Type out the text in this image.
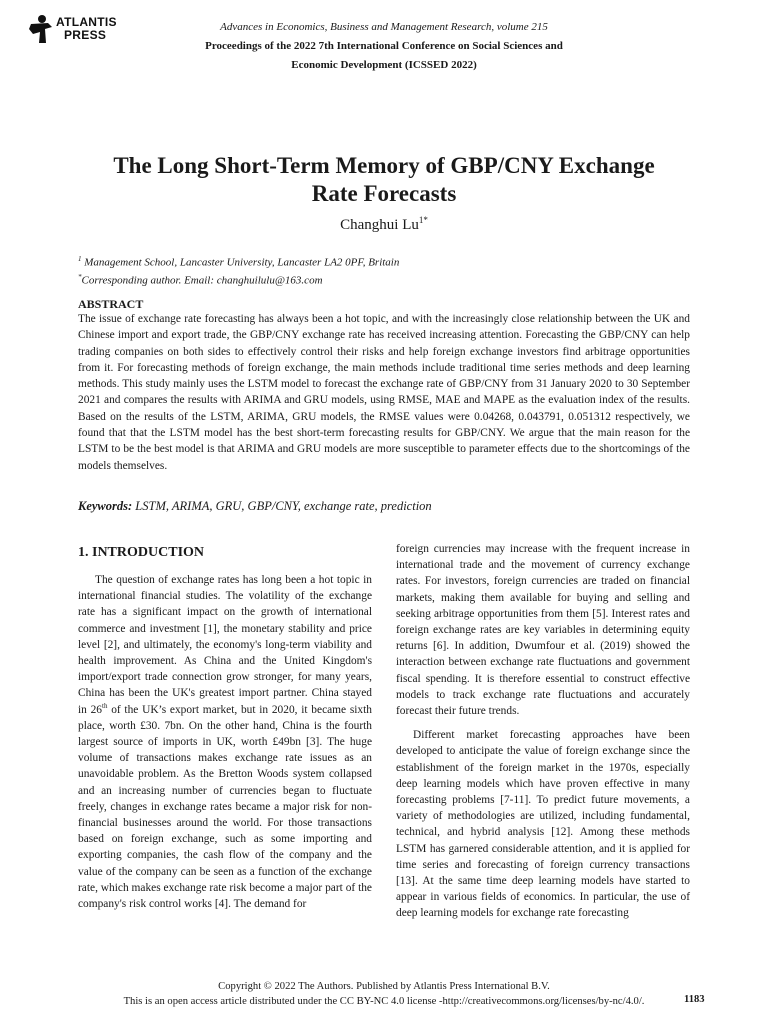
ATLANTIS
PRESS
Advances in Economics, Business and Management Research, volume 215
Proceedings of the 2022 7th International Conference on Social Sciences and
Economic Development (ICSSED 2022)
The Long Short-Term Memory of GBP/CNY Exchange
Rate Forecasts
Changhui $Lu^{1*}$
$^1$ Management School, Lancaster University, Lancaster LA2 0PF, Britain
*Corresponding author. Email: changhuilulu@163.com
ABSTRACT
The issue of exchange rate forecasting has always been a hot topic, and with the increasingly close relationship between the UK and Chinese import and export trade, the GBP/CNY exchange rate has received increasing attention. Forecasting the GBP/CNY can help trading companies on both sides to effectively control their risks and help foreign exchange investors find arbitrage opportunities from it. For forecasting methods of foreign exchange, the main methods include traditional time series methods and deep learning methods. This study mainly uses the LSTM model to forecast the exchange rate of GBP/CNY from 31 January 2020 to 30 September 2021 and compares the results with ARIMA and GRU models, using RMSE, MAE and MAPE as the evaluation index of the results. Based on the results of the LSTM, ARIMA, GRU models, the RMSE values were 0.04268, 0.043791, 0.051312 respectively, we found that that the LSTM model has the best short-term forecasting results for GBP/CNY. We argue that the main reason for the LSTM to be the best model is that ARIMA and GRU models are more susceptible to parameter effects due to the shortcomings of the models themselves.
Keywords: LSTM, ARIMA, GRU, GBP/CNY, exchange rate, prediction
1. INTRODUCTION

The question of exchange rates has long been a hot topic in international financial studies. The volatility of the exchange rate has a significant impact on the growth of international commerce and investment [1], the monetary stability and price level [2], and ultimately, the economy's long-term viability and health improvement. As China and the United Kingdom's import/export trade connection grow stronger, for many years, China has been the UK's greatest import partner. China stayed in 26th of the UK’s export market, but in 2020, it became sixth place, worth £30. 7bn. On the other hand, China is the fourth largest source of imports in UK, worth £49bn [3]. The huge volume of transactions makes exchange rate issues as an unavoidable problem. As the Bretton Woods system collapsed and an increasing number of currencies began to fluctuate freely, changes in exchange rates became a major risk for non-financial businesses around the world. For those transactions based on foreign exchange, such as some importing and exporting companies, the cash flow of the company and the value of the company can be seen as a function of the exchange rate, which makes exchange rate risk become a major part of the company's risk control works [4]. The demand for

foreign currencies may increase with the frequent increase in international trade and the movement of currency exchange rates. For investors, foreign currencies are traded on financial markets, making them available for buying and selling and seeking arbitrage opportunities from them [5]. Interest rates and foreign exchange rates are key variables in determining equity returns [6]. In addition, Dwumfour et al. (2019) showed the interaction between exchange rate fluctuations and government fiscal spending. It is therefore essential to construct effective models to track exchange rate fluctuations and accurately forecast their future trends.

Different market forecasting approaches have been developed to anticipate the value of foreign exchange since the establishment of the foreign market in the 1970s, especially deep learning models which have proven effective in many forecasting problems [7-11]. To predict future movements, a variety of methodologies are utilized, including fundamental, technical, and hybrid analysis [12]. Among these methods LSTM has garnered considerable attention, and it is applied for time series and forecasting of foreign currency transactions [13]. At the same time deep learning models have started to appear in various fields of economics. In particular, the use of deep learning models for exchange rate forecasting

Copyright © 2022 The Authors. Published by Atlantis Press International B.V.
This is an open access article distributed under the CC BY-NC 4.0 license -http://creativecommons.org/licenses/by-nc/4.0/.	1183
